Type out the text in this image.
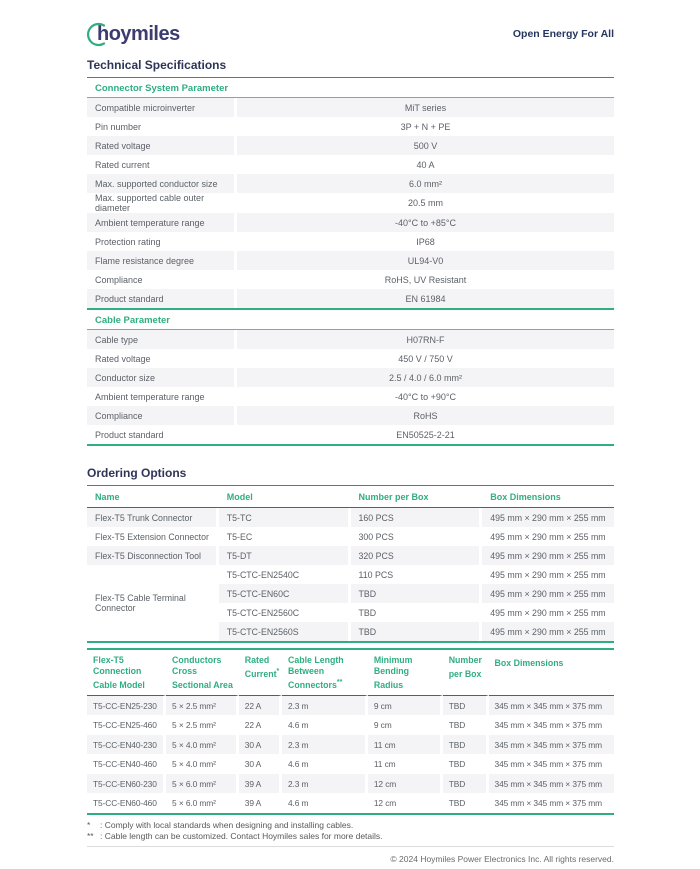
hoymiles	Open Energy For All
Technical Specifications
Connector System Parameter
Compatible microinverter	MiT series
Pin number	3P + N + PE
Rated voltage	500 V
Rated current	40 A
Max. supported conductor size	6.0 mm²
Max. supported cable outer diameter	20.5 mm
Ambient temperature range	-40°C to +85°C
Protection rating	IP68
Flame resistance degree	UL94-V0
Compliance	RoHS, UV Resistant
Product standard	EN 61984
Cable Parameter
Cable type	H07RN-F
Rated voltage	450 V / 750 V
Conductor size	2.5 / 4.0 / 6.0 mm²
Ambient temperature range	-40°C to +90°C
Compliance	RoHS
Product standard	EN50525-2-21
Ordering Options
Name	Model	Number per Box	Box Dimensions
Flex-T5 Trunk Connector	T5-TC	160 PCS	495 mm × 290 mm × 255 mm
Flex-T5 Extension Connector	T5-EC	300 PCS	495 mm × 290 mm × 255 mm
Flex-T5 Disconnection Tool	T5-DT	320 PCS	495 mm × 290 mm × 255 mm
Flex-T5 Cable Terminal Connector	T5-CTC-EN2540C	110 PCS	495 mm × 290 mm × 255 mm
	T5-CTC-EN60C	TBD	495 mm × 290 mm × 255 mm
	T5-CTC-EN2560C	TBD	495 mm × 290 mm × 255 mm
	T5-CTC-EN2560S	TBD	495 mm × 290 mm × 255 mm
Flex-T5 Connection Cable Model	Conductors Cross Sectional Area	Rated Current*	Cable Length Between Connectors**	Minimum Bending Radius	Number per Box	Box Dimensions
T5-CC-EN25-230	5 × 2.5 mm²	22 A	2.3 m	9 cm	TBD	345 mm × 345 mm × 375 mm
T5-CC-EN25-460	5 × 2.5 mm²	22 A	4.6 m	9 cm	TBD	345 mm × 345 mm × 375 mm
T5-CC-EN40-230	5 × 4.0 mm²	30 A	2.3 m	11 cm	TBD	345 mm × 345 mm × 375 mm
T5-CC-EN40-460	5 × 4.0 mm²	30 A	4.6 m	11 cm	TBD	345 mm × 345 mm × 375 mm
T5-CC-EN60-230	5 × 6.0 mm²	39 A	2.3 m	12 cm	TBD	345 mm × 345 mm × 375 mm
T5-CC-EN60-460	5 × 6.0 mm²	39 A	4.6 m	12 cm	TBD	345 mm × 345 mm × 375 mm
* : Comply with local standards when designing and installing cables.
** : Cable length can be customized. Contact Hoymiles sales for more details.
© 2024 Hoymiles Power Electronics Inc. All rights reserved.
